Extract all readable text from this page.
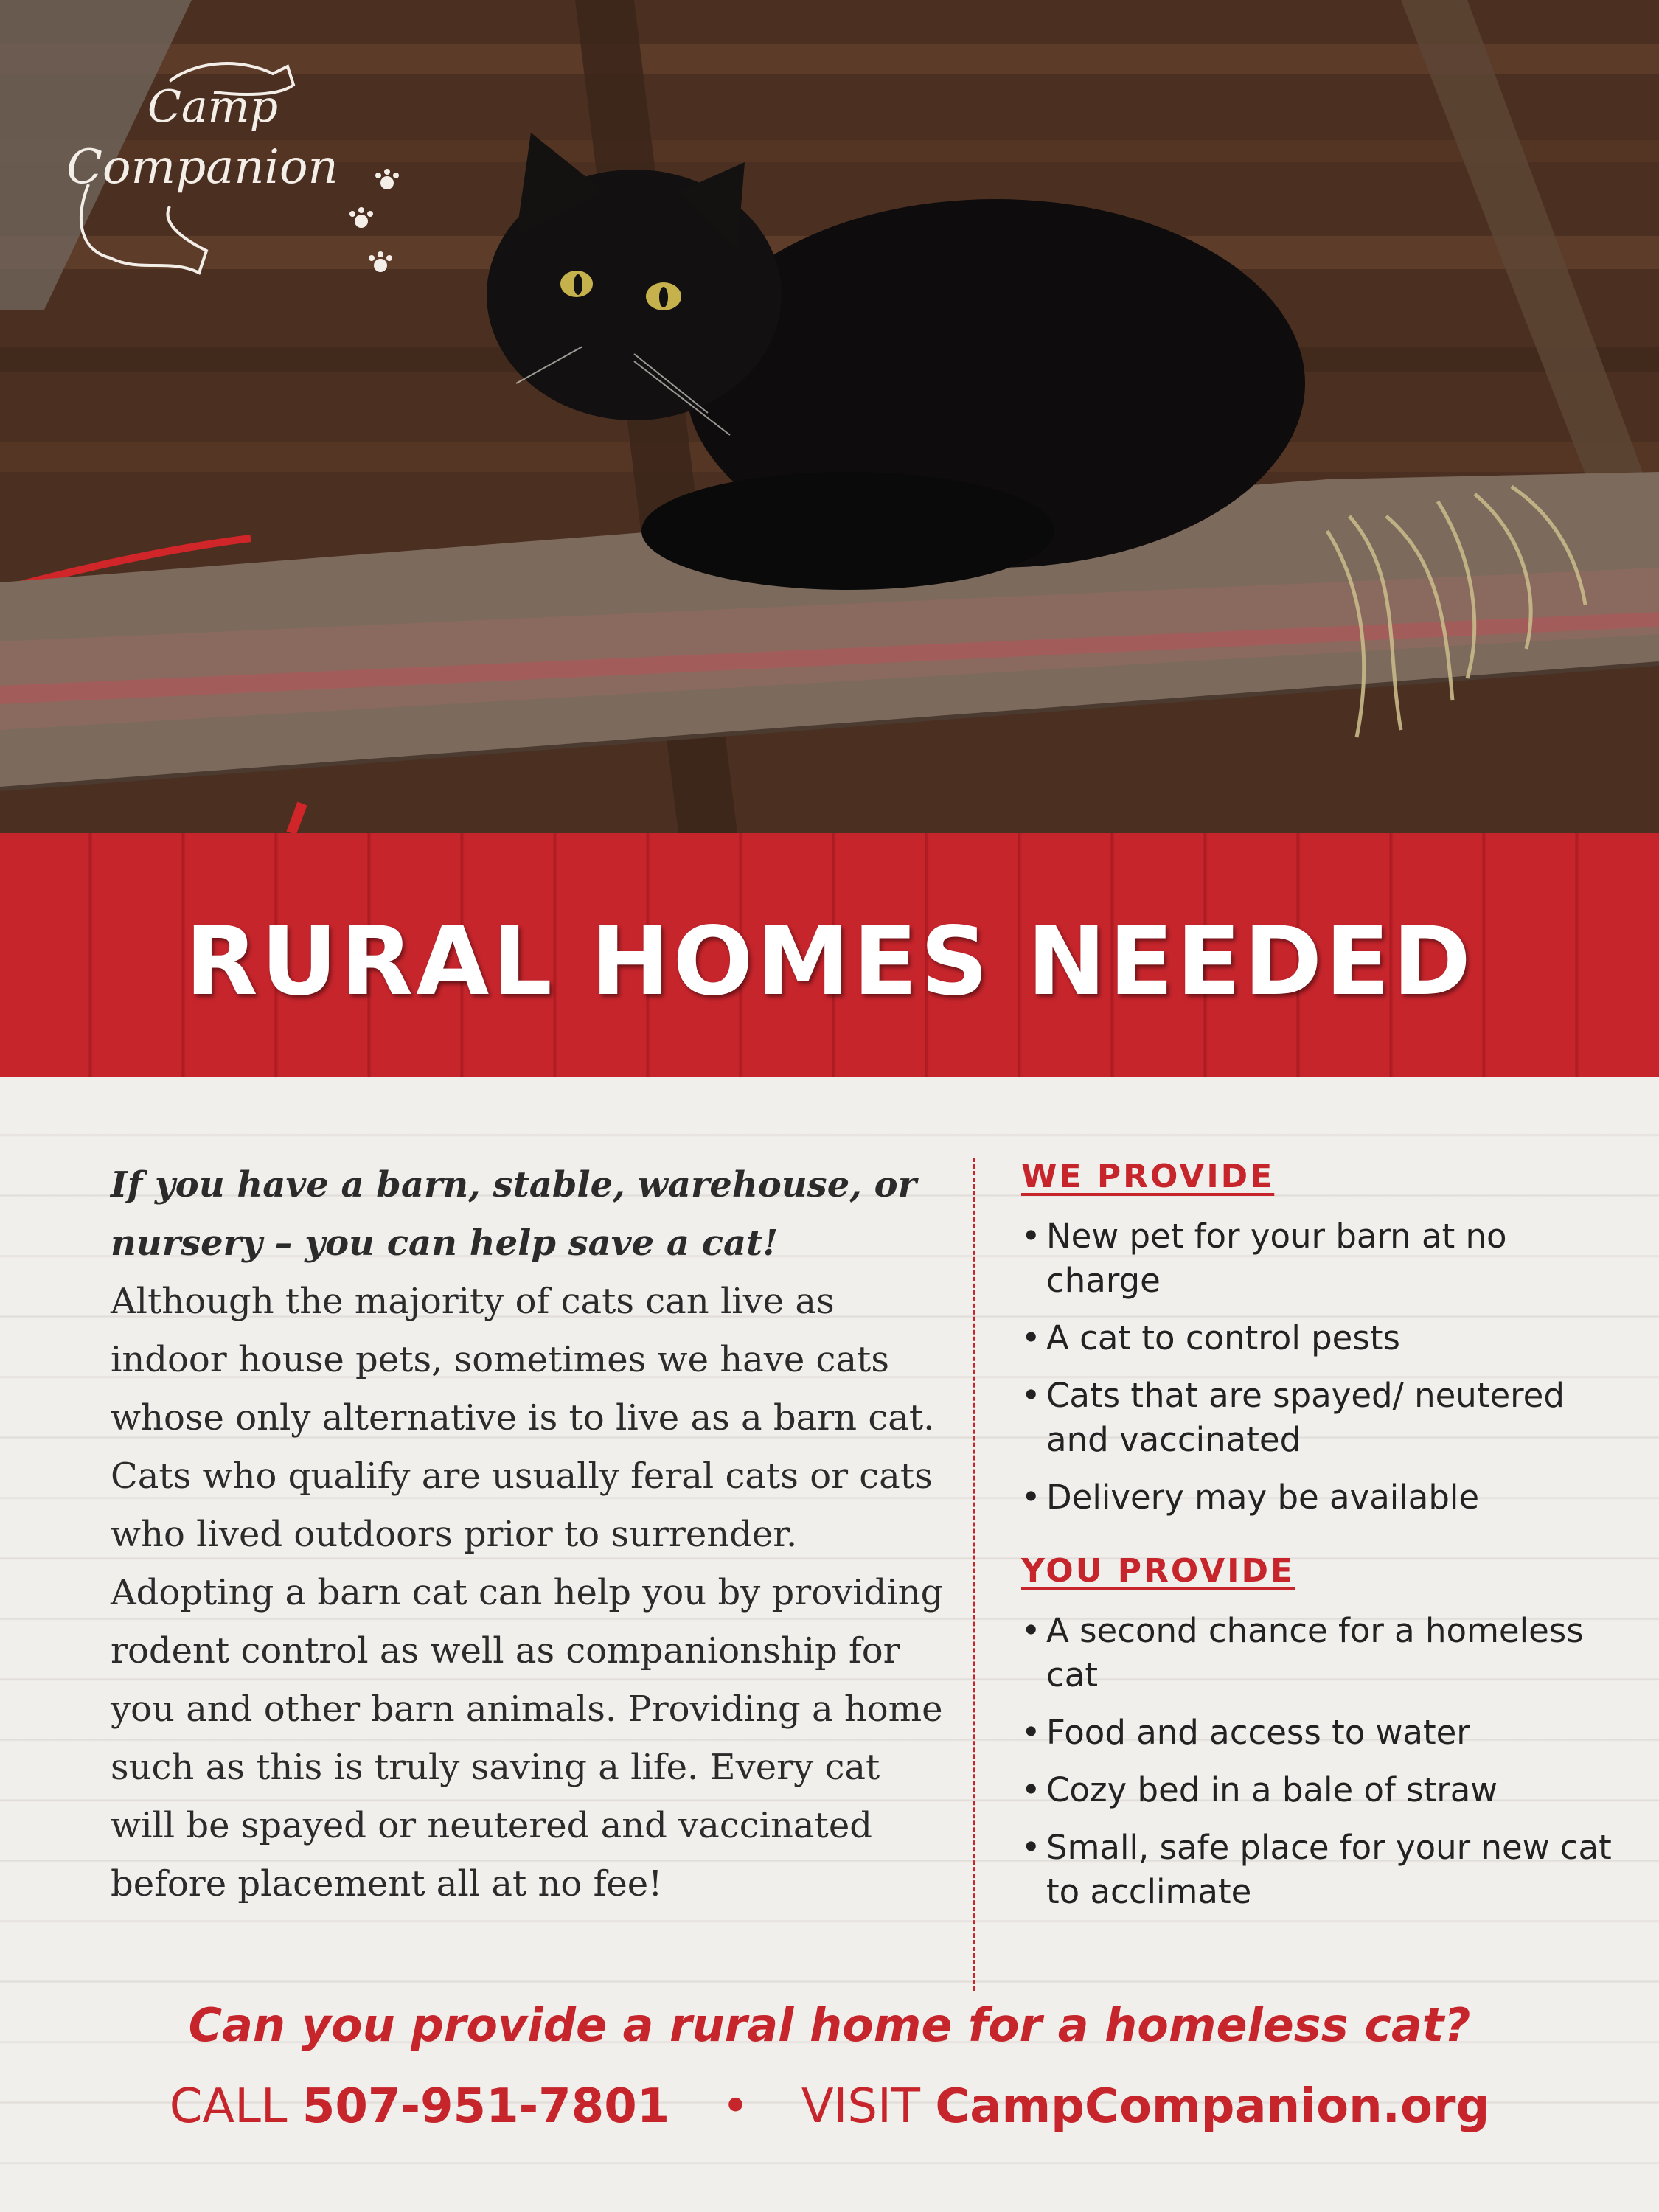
Camp
Companion
RURAL HOMES NEEDED
If you have a barn, stable, warehouse, or nursery – you can help save a cat! Although the majority of cats can live as indoor house pets, sometimes we have cats whose only alternative is to live as a barn cat. Cats who qualify are usually feral cats or cats who lived outdoors prior to surrender. Adopting a barn cat can help you by providing rodent control as well as companionship for you and other barn animals. Providing a home such as this is truly saving a life. Every cat will be spayed or neutered and vaccinated before placement all at no fee!
WE PROVIDE
• New pet for your barn at no charge
• A cat to control pests
• Cats that are spayed/ neutered and vaccinated
• Delivery may be available
YOU PROVIDE
• A second chance for a homeless cat
• Food and access to water
• Cozy bed in a bale of straw
• Small, safe place for your new cat to acclimate
Can you provide a rural home for a homeless cat?
CALL 507-951-7801 • VISIT CampCompanion.org
